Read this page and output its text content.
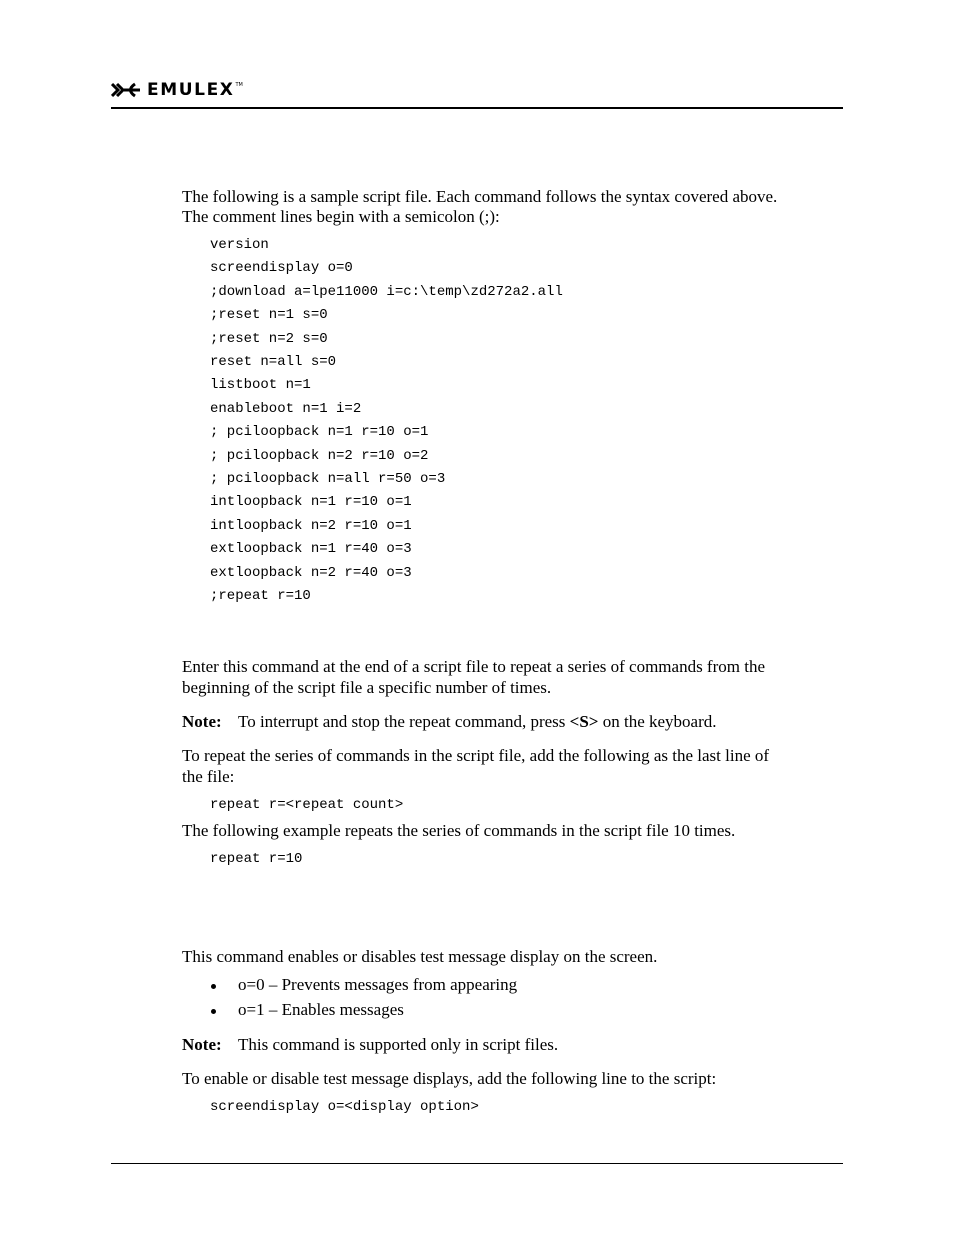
EMULEX TM

The following is a sample script file. Each command follows the syntax covered above.

The comment lines begin with a semicolon (;):

version

screendisplay o=0

;download a=lpe11000 i=c:\temp\zd272a2.all

;reset n=1 s=0

;reset n=2 s=0

reset n=all s=0

listboot n=1

enableboot n=1 i=2

; pciloopback n=1 r=10 o=1

; pciloopback n=2 r=10 o=2

; pciloopback n=all r=50 o=3

intloopback n=1 r=10 o=1

intloopback n=2 r=10 o=1

extloopback n=1 r=40 o=3

extloopback n=2 r=40 o=3

;repeat r=10

Enter this command at the end of a script file to repeat a series of commands from the

beginning of the script file a specific number of times.

Note: To interrupt and stop the repeat command, press <S> on the keyboard.

To repeat the series of commands in the script file, add the following as the last line of

the file:

repeat r=<repeat count>

The following example repeats the series of commands in the script file 10 times.

repeat r=10

This command enables or disables test message display on the screen.

o=0 – Prevents messages from appearing

o=1 – Enables messages

Note: This command is supported only in script files.

To enable or disable test message displays, add the following line to the script:

screendisplay o=<display option>
